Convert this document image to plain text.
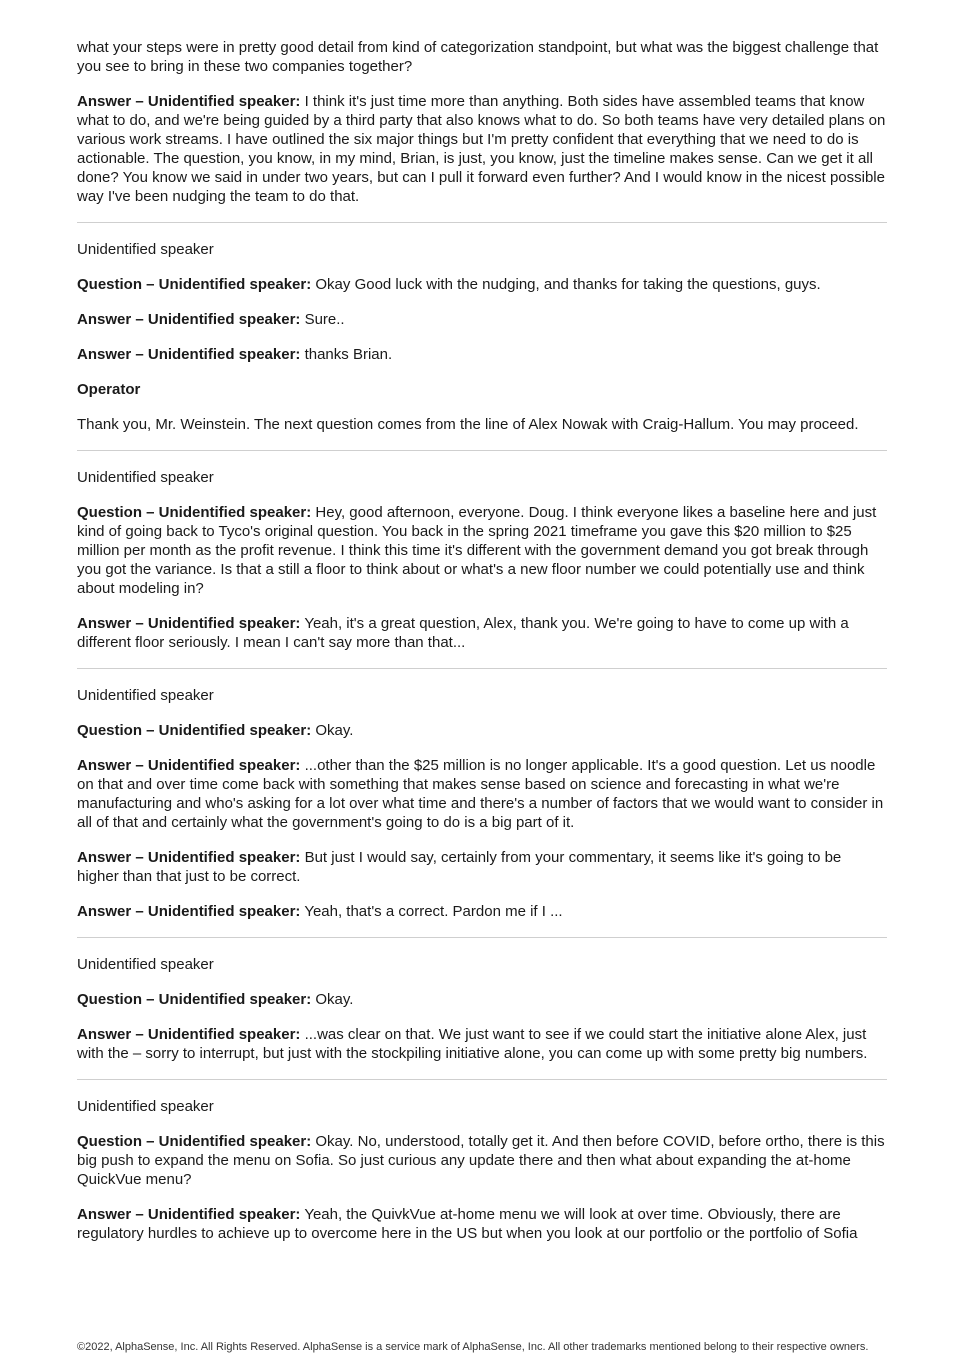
what your steps were in pretty good detail from kind of categorization standpoint, but what was the biggest challenge that you see to bring in these two companies together?

Answer – Unidentified speaker: I think it's just time more than anything. Both sides have assembled teams that know what to do, and we're being guided by a third party that also knows what to do. So both teams have very detailed plans on various work streams. I have outlined the six major things but I'm pretty confident that everything that we need to do is actionable. The question, you know, in my mind, Brian, is just, you know, just the timeline makes sense. Can we get it all done? You know we said in under two years, but can I pull it forward even further? And I would know in the nicest possible way I've been nudging the team to do that.

Unidentified speaker

Question – Unidentified speaker: Okay Good luck with the nudging, and thanks for taking the questions, guys.

Answer – Unidentified speaker: Sure..

Answer – Unidentified speaker: thanks Brian.

Operator

Thank you, Mr. Weinstein. The next question comes from the line of Alex Nowak with Craig-Hallum. You may proceed.

Unidentified speaker

Question – Unidentified speaker: Hey, good afternoon, everyone. Doug. I think everyone likes a baseline here and just kind of going back to Tyco's original question. You back in the spring 2021 timeframe you gave this $20 million to $25 million per month as the profit revenue. I think this time it's different with the government demand you got break through you got the variance. Is that a still a floor to think about or what's a new floor number we could potentially use and think about modeling in?

Answer – Unidentified speaker: Yeah, it's a great question, Alex, thank you. We're going to have to come up with a different floor seriously. I mean I can't say more than that...

Unidentified speaker

Question – Unidentified speaker: Okay.

Answer – Unidentified speaker: ...other than the $25 million is no longer applicable. It's a good question. Let us noodle on that and over time come back with something that makes sense based on science and forecasting in what we're manufacturing and who's asking for a lot over what time and there's a number of factors that we would want to consider in all of that and certainly what the government's going to do is a big part of it.

Answer – Unidentified speaker: But just I would say, certainly from your commentary, it seems like it's going to be higher than that just to be correct.

Answer – Unidentified speaker: Yeah, that's a correct. Pardon me if I ...

Unidentified speaker

Question – Unidentified speaker: Okay.

Answer – Unidentified speaker: ...was clear on that. We just want to see if we could start the initiative alone Alex, just with the – sorry to interrupt, but just with the stockpiling initiative alone, you can come up with some pretty big numbers.

Unidentified speaker

Question – Unidentified speaker: Okay. No, understood, totally get it. And then before COVID, before ortho, there is this big push to expand the menu on Sofia. So just curious any update there and then what about expanding the at-home QuickVue menu?

Answer – Unidentified speaker: Yeah, the QuivkVue at-home menu we will look at over time. Obviously, there are regulatory hurdles to achieve up to overcome here in the US but when you look at our portfolio or the portfolio of Sofia

©2022, AlphaSense, Inc. All Rights Reserved. AlphaSense is a service mark of AlphaSense, Inc. All other trademarks mentioned belong to their respective owners.
